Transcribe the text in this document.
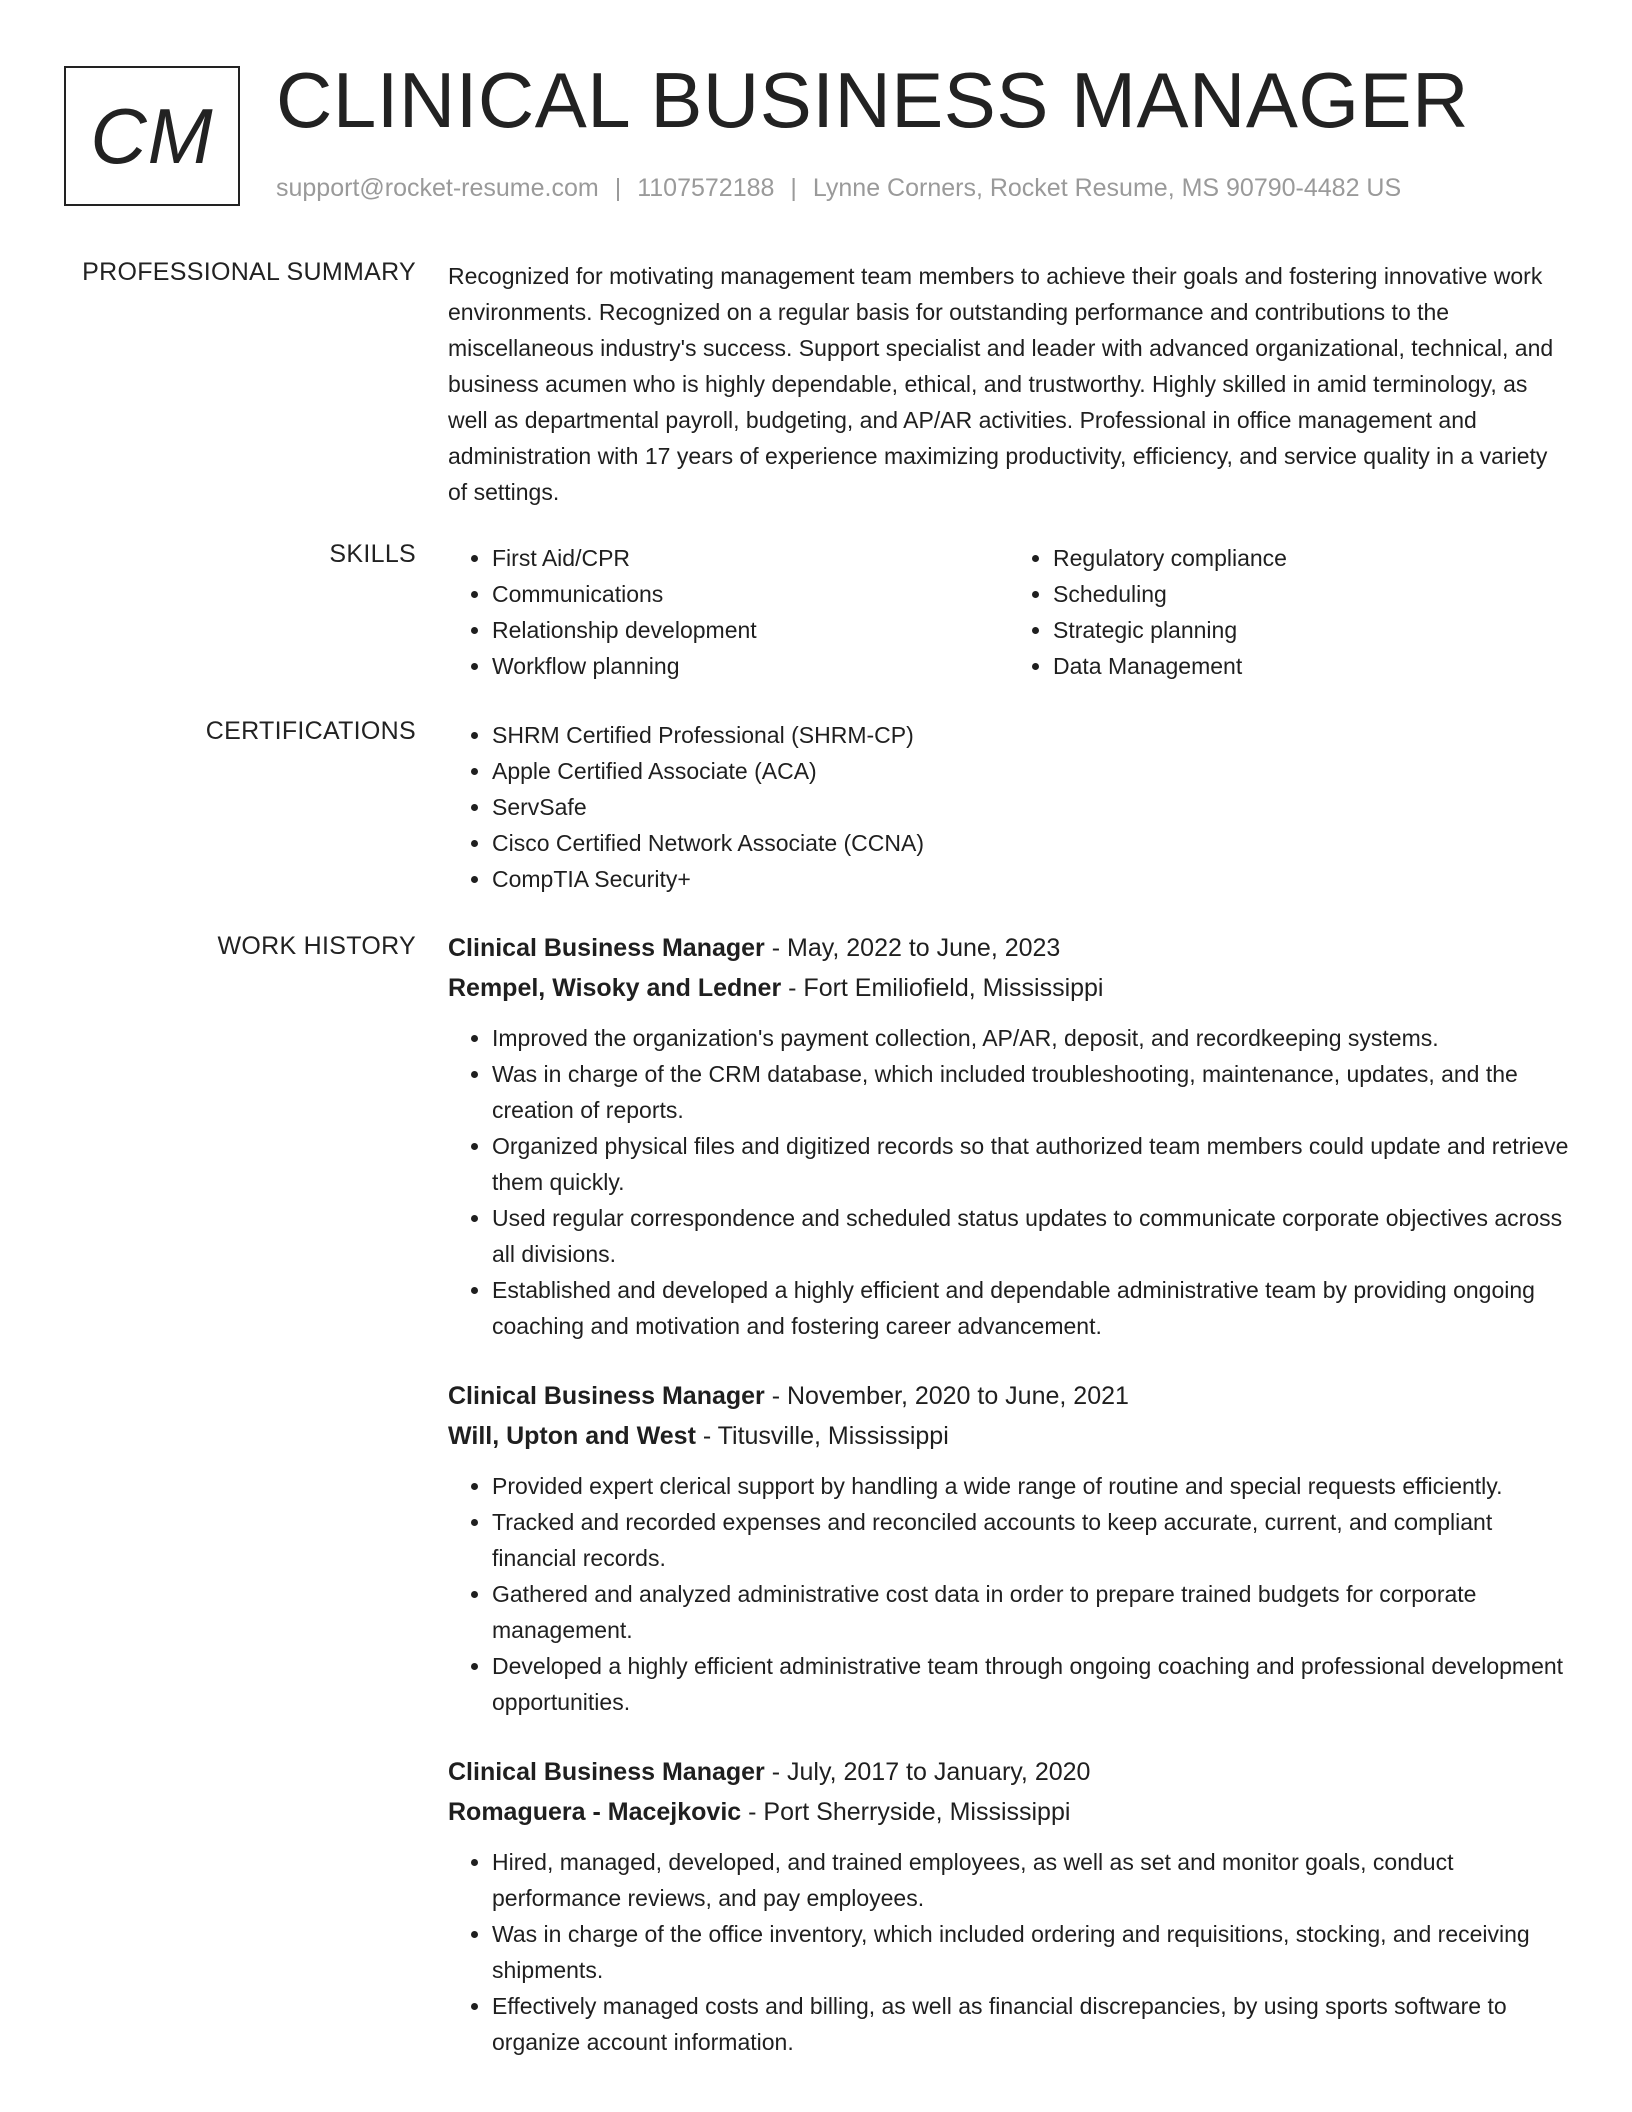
CM CLINICAL BUSINESS MANAGER
support@rocket-resume.com | 1107572188 | Lynne Corners, Rocket Resume, MS 90790-4482 US
PROFESSIONAL SUMMARY Recognized for motivating management team members to achieve their goals and fostering innovative work environments. Recognized on a regular basis for outstanding performance and contributions to the miscellaneous industry's success. Support specialist and leader with advanced organizational, technical, and business acumen who is highly dependable, ethical, and trustworthy. Highly skilled in amid terminology, as well as departmental payroll, budgeting, and AP/AR activities. Professional in office management and administration with 17 years of experience maximizing productivity, efficiency, and service quality in a variety of settings.
SKILLS	• First Aid/CPR
• Communications
• Relationship development
• Workflow planning
• Regulatory compliance
• Scheduling
• Strategic planning
• Data Management
CERTIFICATIONS	• SHRM Certified Professional (SHRM-CP)
• Apple Certified Associate (ACA)
• ServSafe
• Cisco Certified Network Associate (CCNA)
• CompTIA Security+
WORK HISTORY Clinical Business Manager - May, 2022 to June, 2023
Rempel, Wisoky and Ledner - Fort Emiliofield, Mississippi
• Improved the organization's payment collection, AP/AR, deposit, and recordkeeping systems.
• Was in charge of the CRM database, which included troubleshooting, maintenance, updates, and the creation of reports.
• Organized physical files and digitized records so that authorized team members could update and retrieve them quickly.
• Used regular correspondence and scheduled status updates to communicate corporate objectives across all divisions.
• Established and developed a highly efficient and dependable administrative team by providing ongoing coaching and motivation and fostering career advancement.
Clinical Business Manager - November, 2020 to June, 2021
Will, Upton and West - Titusville, Mississippi
• Provided expert clerical support by handling a wide range of routine and special requests efficiently.
• Tracked and recorded expenses and reconciled accounts to keep accurate, current, and compliant financial records.
• Gathered and analyzed administrative cost data in order to prepare trained budgets for corporate management.
• Developed a highly efficient administrative team through ongoing coaching and professional development opportunities.
Clinical Business Manager - July, 2017 to January, 2020
Romaguera - Macejkovic - Port Sherryside, Mississippi
• Hired, managed, developed, and trained employees, as well as set and monitor goals, conduct performance reviews, and pay employees.
• Was in charge of the office inventory, which included ordering and requisitions, stocking, and receiving shipments.
• Effectively managed costs and billing, as well as financial discrepancies, by using sports software to organize account information.
